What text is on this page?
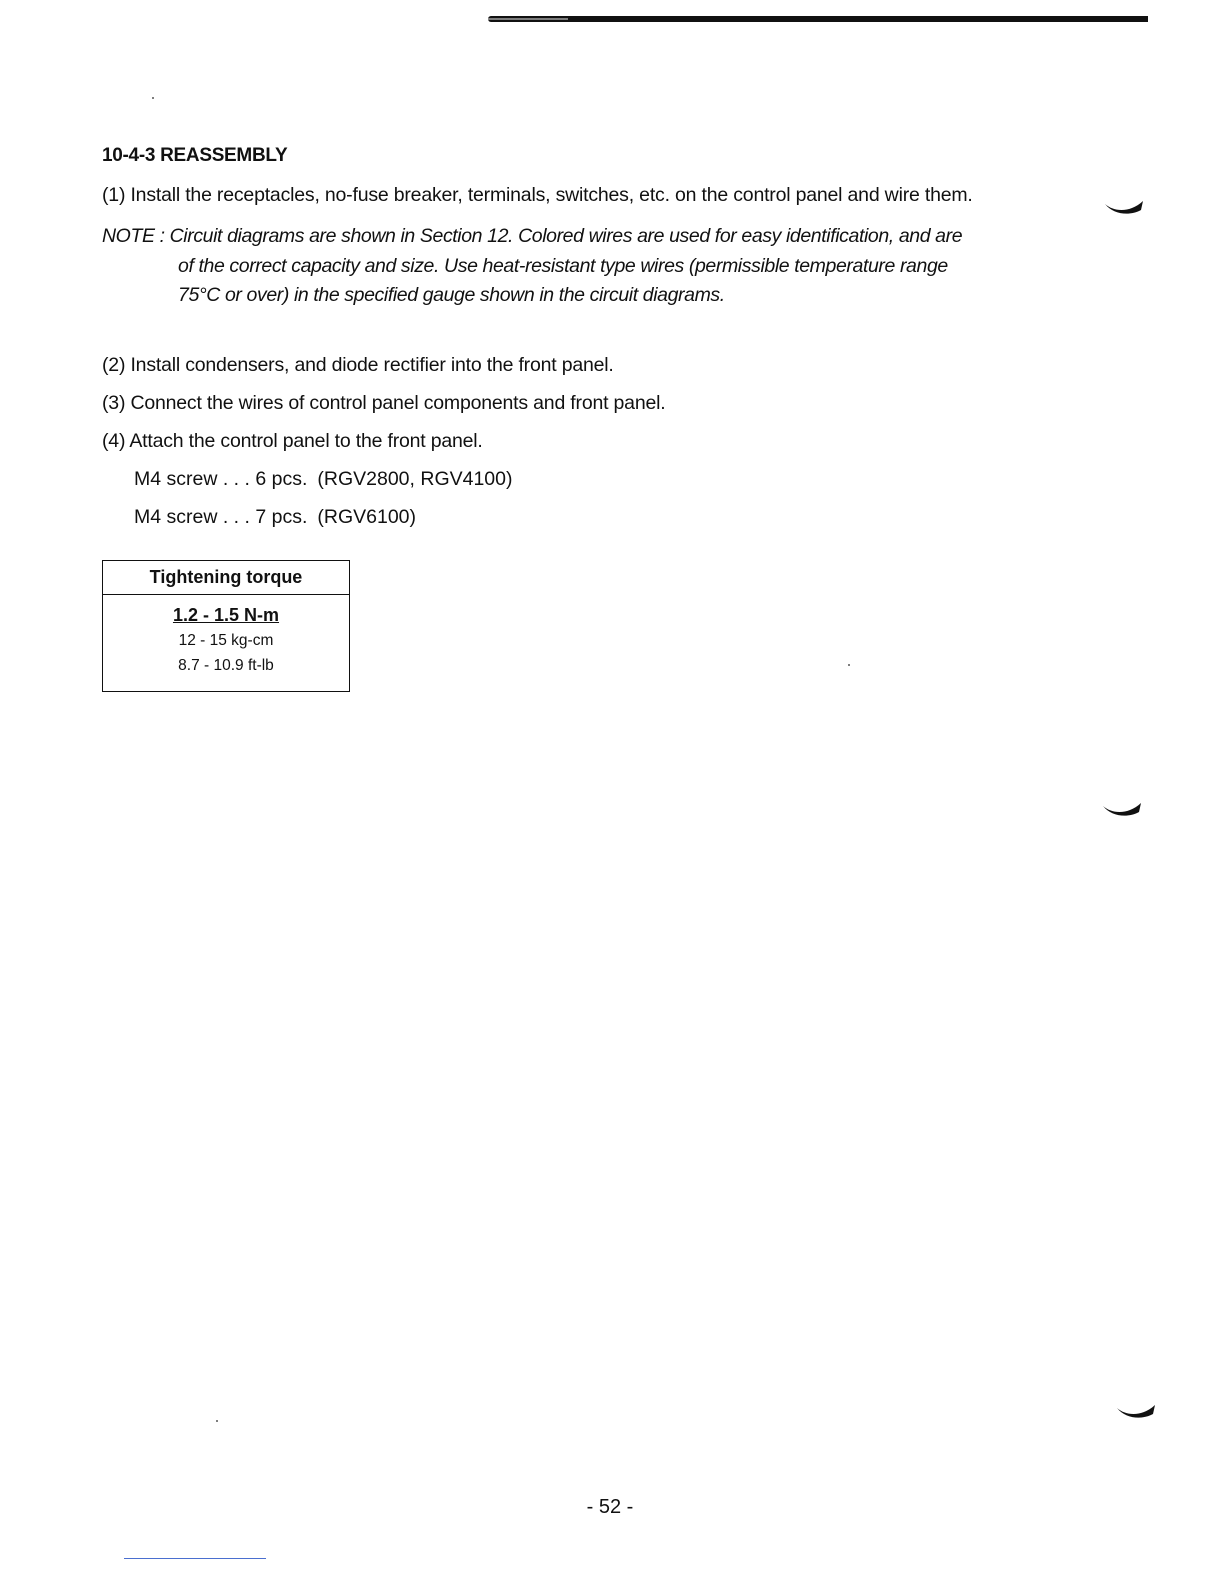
10-4-3 REASSEMBLY
(1) Install the receptacles, no-fuse breaker, terminals, switches, etc. on the control panel and wire them.
NOTE : Circuit diagrams are shown in Section 12. Colored wires are used for easy identification, and are
of the correct capacity and size. Use heat-resistant type wires (permissible temperature range
75°C or over) in the specified gauge shown in the circuit diagrams.
(2) Install condensers, and diode rectifier into the front panel.
(3) Connect the wires of control panel components and front panel.
(4) Attach the control panel to the front panel.
M4 screw . . . 6 pcs. (RGV2800, RGV4100)
M4 screw . . . 7 pcs. (RGV6100)
Tightening torque
1.2 - 1.5 N-m
12 - 15 kg-cm
8.7 - 10.9 ft-lb
- 52 -
